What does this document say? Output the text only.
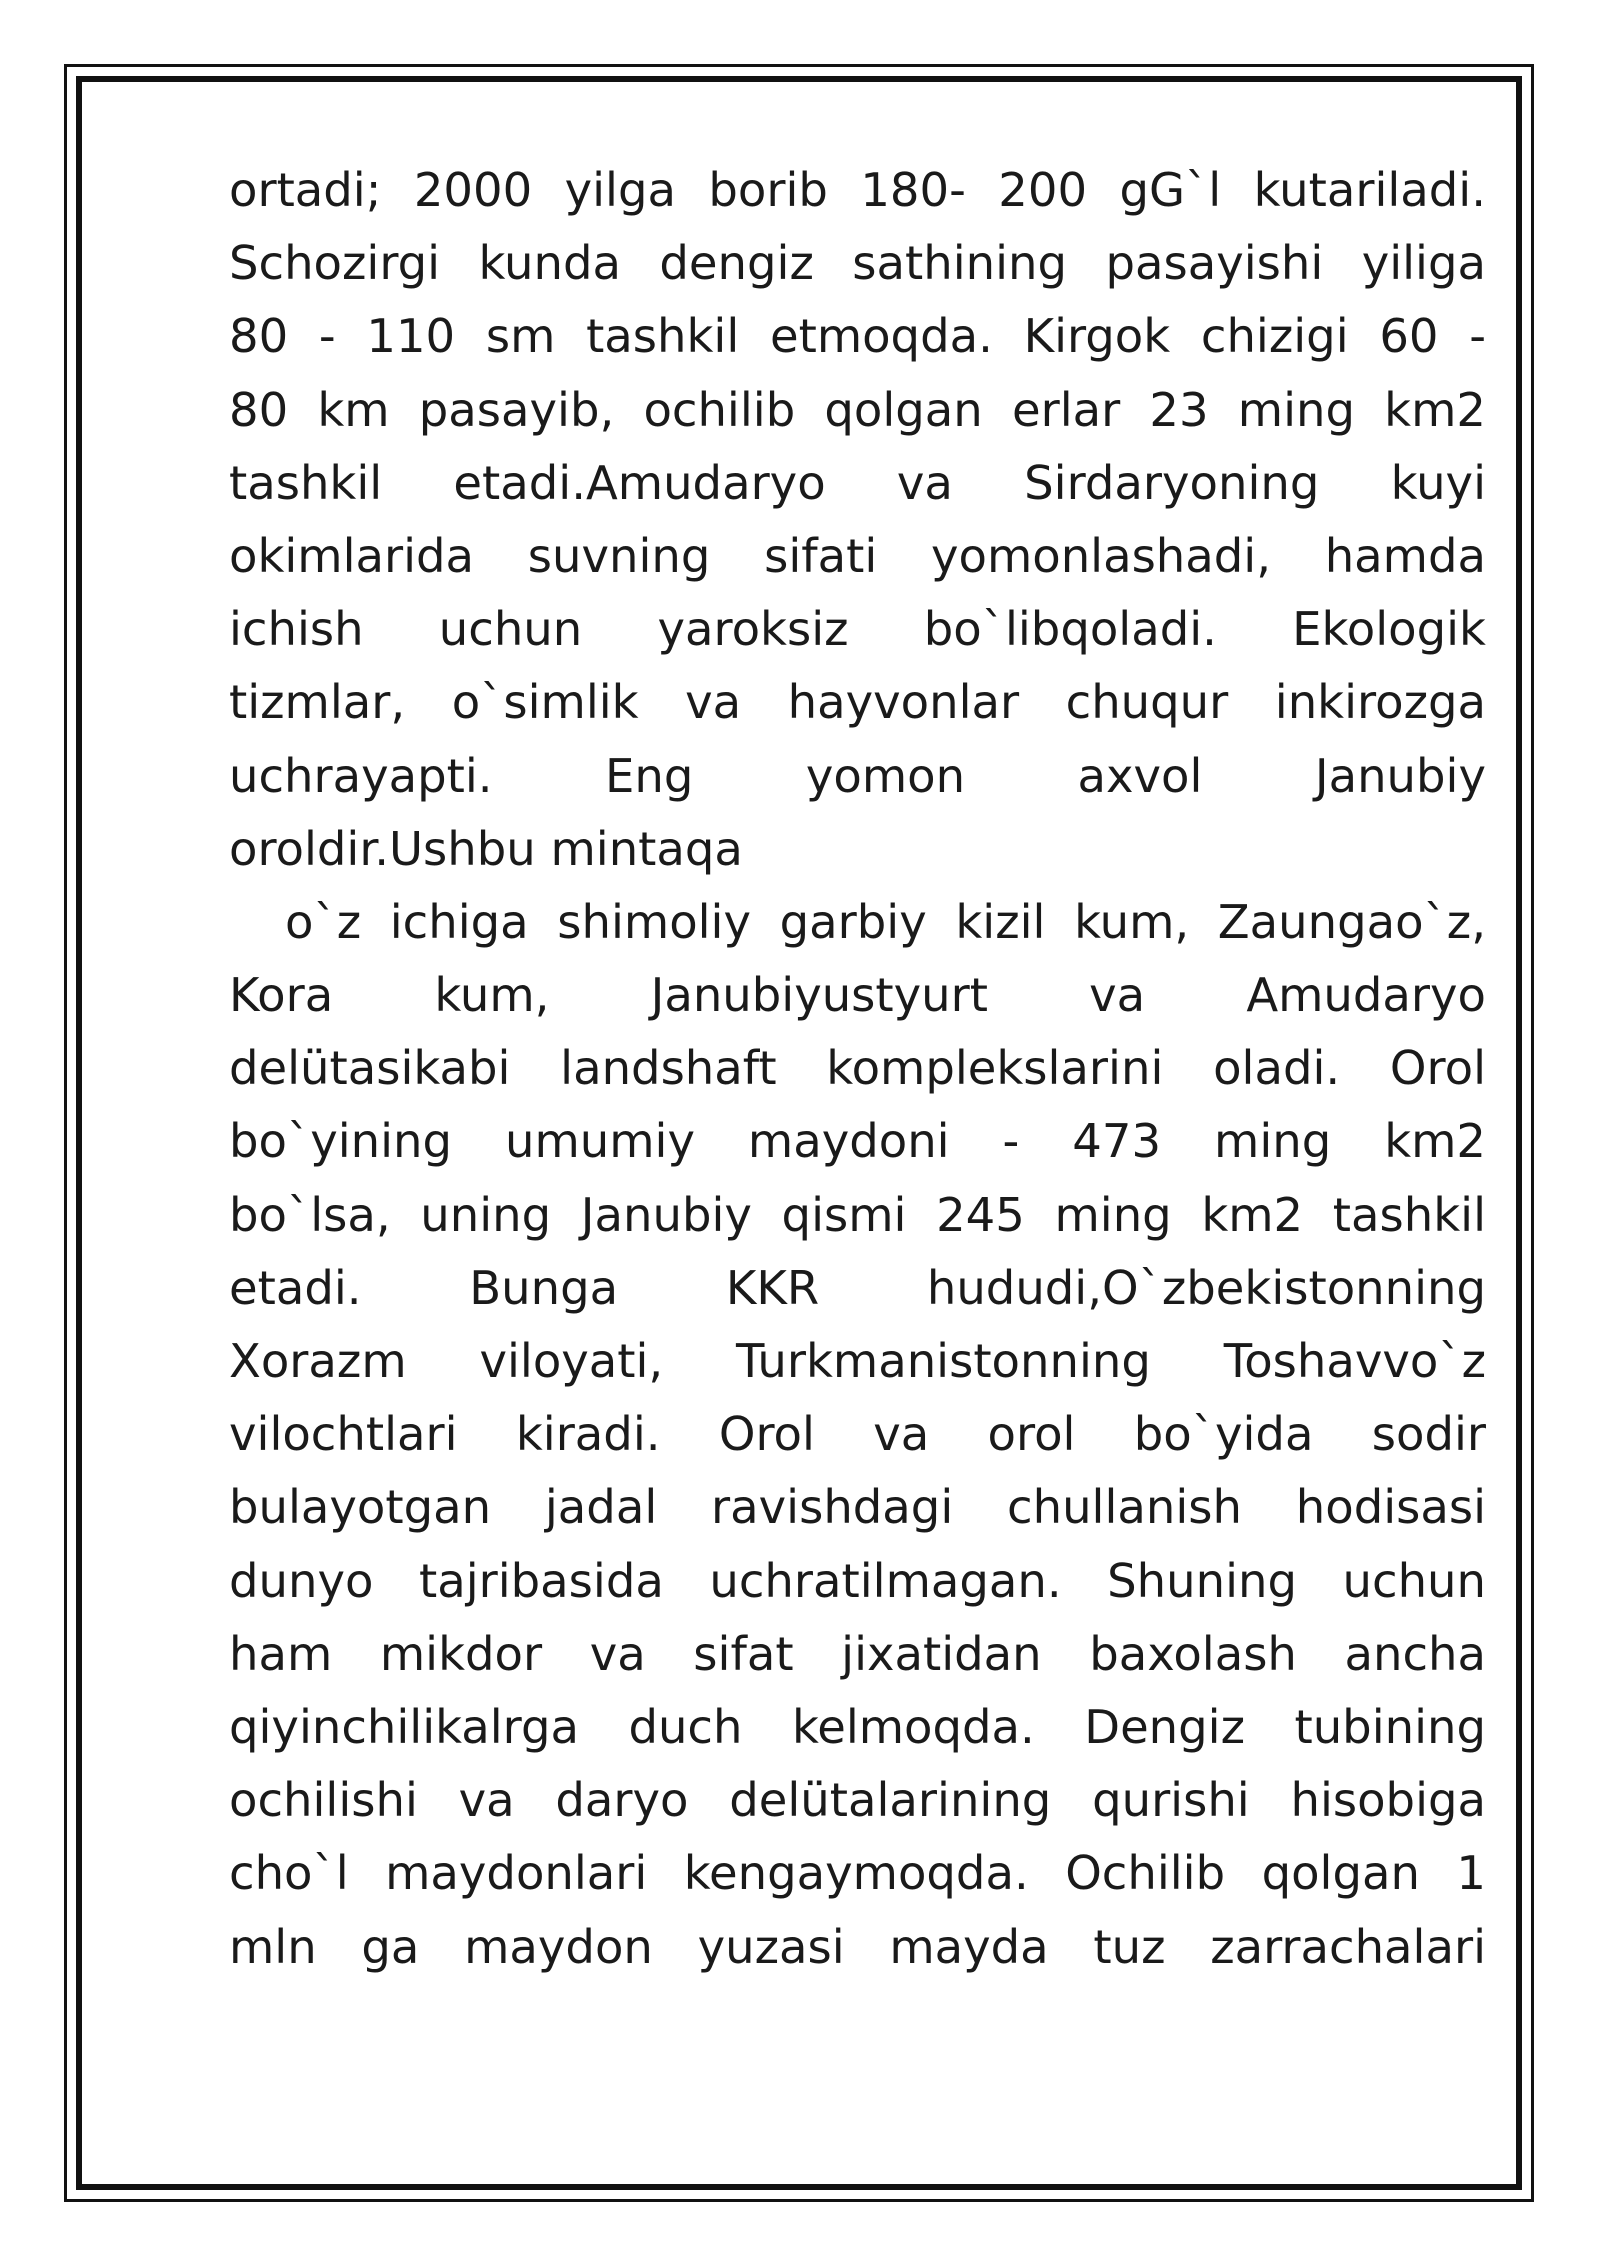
ortadi; 2000 yilga borib 180- 200 gG`l kutariladi.
Schozirgi kunda dengiz sathining pasayishi yiliga
80 - 110 sm tashkil etmoqda. Kirgok chizigi 60 -
80 km pasayib, ochilib qolgan erlar 23 ming km2
tashkil etadi.Amudaryo va Sirdaryoning kuyi
okimlarida suvning sifati yomonlashadi, hamda
ichish uchun yaroksiz bo`libqoladi. Ekologik
tizmlar, o`simlik va hayvonlar chuqur inkirozga
uchrayapti. Eng yomon axvol Janubiy
oroldir.Ushbu mintaqa
o`z ichiga shimoliy garbiy kizil kum, Zaungao`z,
Kora kum, Janubiyustyurt va Amudaryo
delütasikabi landshaft komplekslarini oladi. Orol
bo`yining umumiy maydoni - 473 ming km2
bo`lsa, uning Janubiy qismi 245 ming km2 tashkil
etadi. Bunga KKR hududi,O`zbekistonning
Xorazm viloyati, Turkmanistonning Toshavvo`z
vilochtlari kiradi. Orol va orol bo`yida sodir
bulayotgan jadal ravishdagi chullanish hodisasi
dunyo tajribasida uchratilmagan. Shuning uchun
ham mikdor va sifat jixatidan baxolash ancha
qiyinchilikalrga duch kelmoqda. Dengiz tubining
ochilishi va daryo delütalarining qurishi hisobiga
cho`l maydonlari kengaymoqda. Ochilib qolgan 1
mln ga maydon yuzasi mayda tuz zarrachalari
